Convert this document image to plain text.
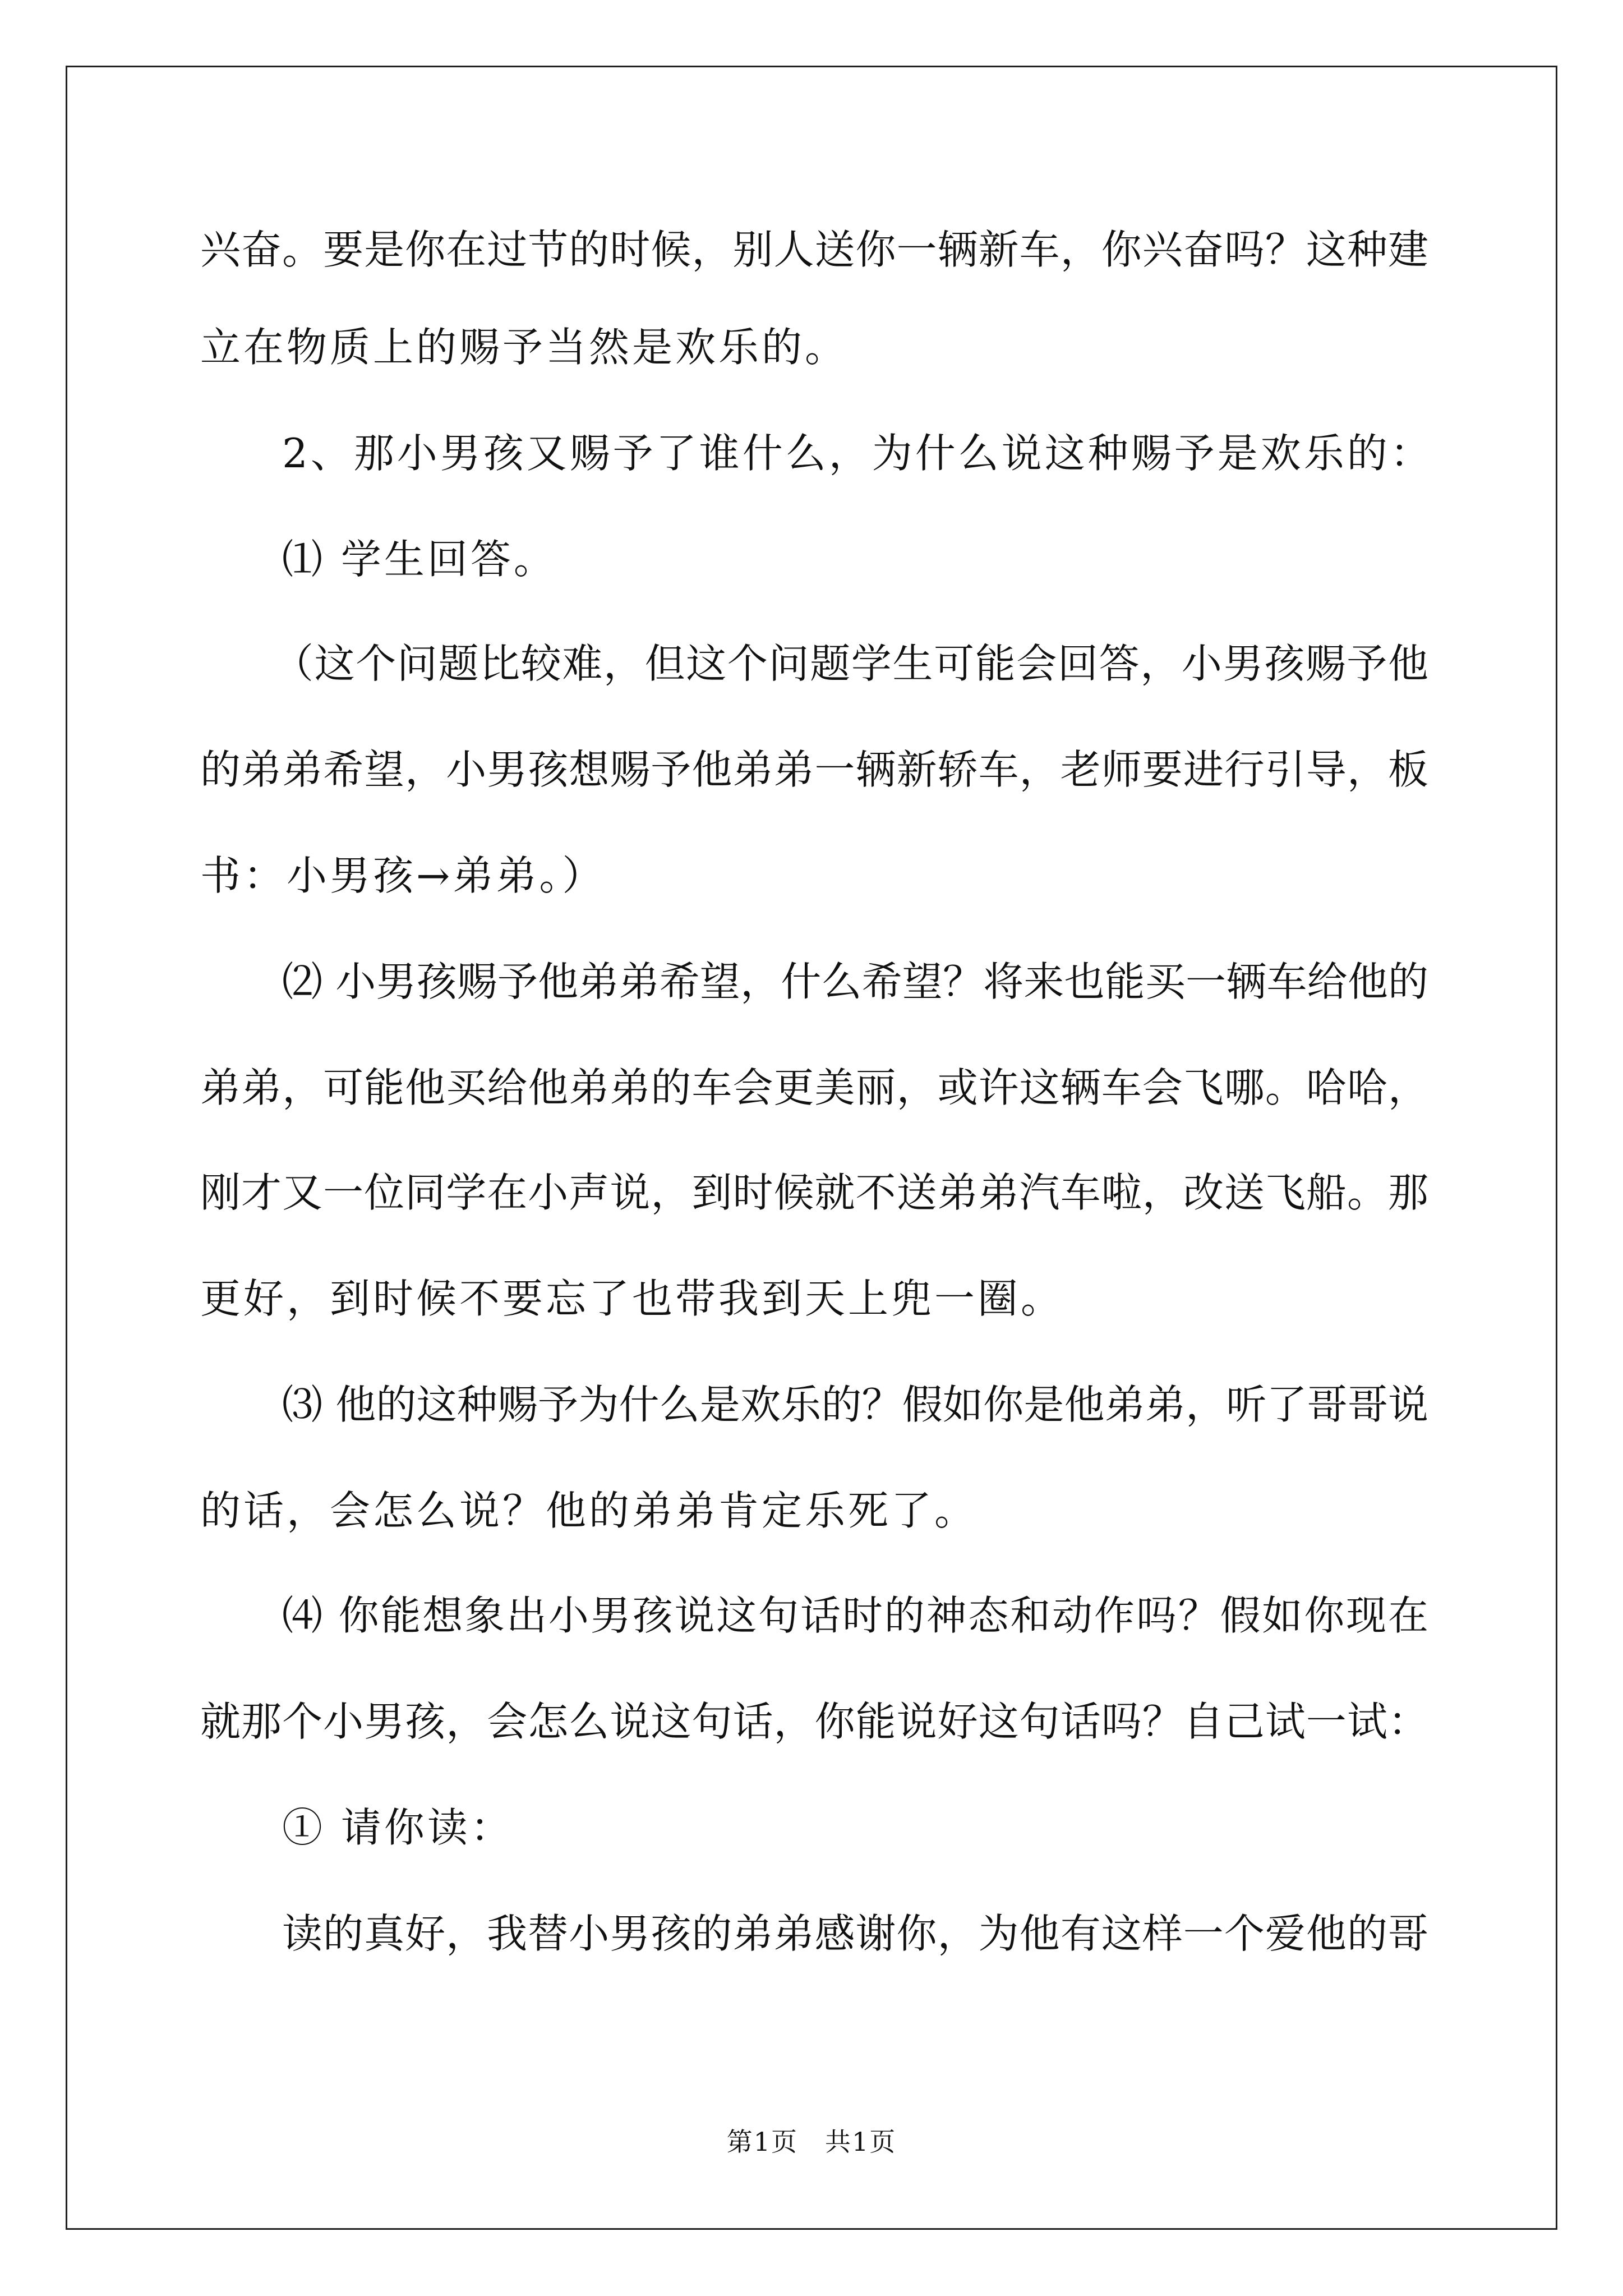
兴奋。要是你在过节的时候，别人送你一辆新车，你兴奋吗？这种建
立在物质上的赐予当然是欢乐的。
2、那小男孩又赐予了谁什么，为什么说这种赐予是欢乐的：
⑴ 学生回答。
（这个问题比较难，但这个问题学生可能会回答，小男孩赐予他
的弟弟希望，小男孩想赐予他弟弟一辆新轿车，老师要进行引导，板
书：小男孩→弟弟。）
⑵ 小男孩赐予他弟弟希望，什么希望？将来也能买一辆车给他的
弟弟，可能他买给他弟弟的车会更美丽，或许这辆车会飞哪。哈哈，
刚才又一位同学在小声说，到时候就不送弟弟汽车啦，改送飞船。那
更好，到时候不要忘了也带我到天上兜一圈。
⑶ 他的这种赐予为什么是欢乐的？假如你是他弟弟，听了哥哥说
的话，会怎么说？他的弟弟肯定乐死了。
⑷ 你能想象出小男孩说这句话时的神态和动作吗？假如你现在
就那个小男孩，会怎么说这句话，你能说好这句话吗？自己试一试：
① 请你读：
读的真好，我替小男孩的弟弟感谢你，为他有这样一个爱他的哥
第1页　共1页
